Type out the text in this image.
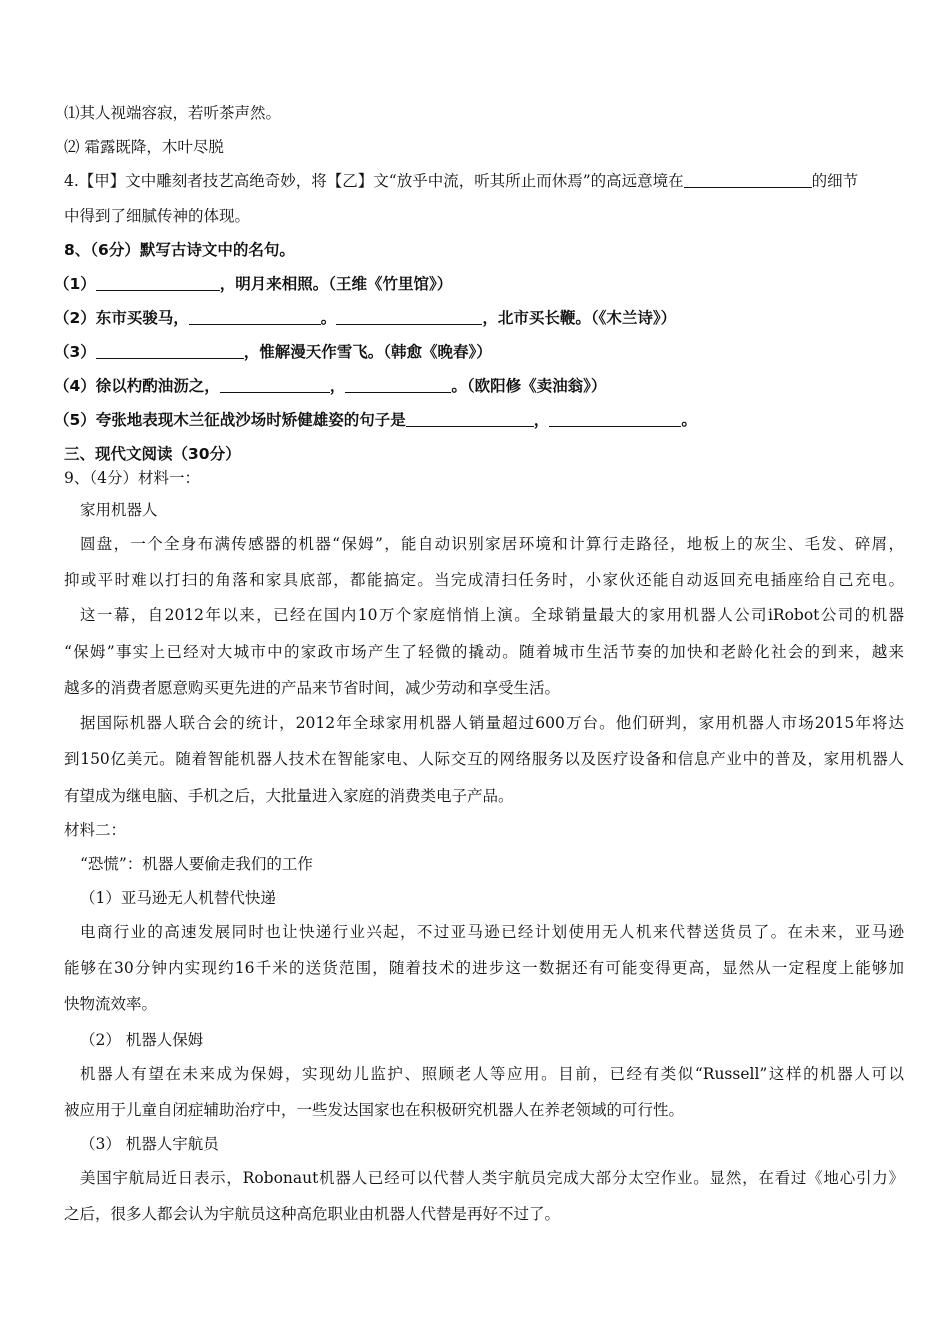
⑴其人视端容寂，若听茶声然。
⑵ 霜露既降，木叶尽脱
4.【甲】文中雕刻者技艺高绝奇妙，将【乙】文“放乎中流，听其所止而休焉”的高远意境在	的细节
中得到了细腻传神的体现。
8、（6分）默写古诗文中的名句。
（1）	，明月来相照。（王维《竹里馆》）
（2）东市买骏马，	。	，北市买长鞭。（《木兰诗》）
（3）	，惟解漫天作雪飞。（韩愈《晚春》）
（4）徐以杓酌油沥之，	，	。（欧阳修《卖油翁》）
（5）夸张地表现木兰征战沙场时矫健雄姿的句子是	，	。
三、现代文阅读（30分）
9、（4分）材料一：
家用机器人
圆盘，一个全身布满传感器的机器“保姆”，能自动识别家居环境和计算行走路径，地板上的灰尘、毛发、碎屑，
抑或平时难以打扫的角落和家具底部，都能搞定。当完成清扫任务时，小家伙还能自动返回充电插座给自己充电。
这一幕，自2012年以来，已经在国内10万个家庭悄悄上演。全球销量最大的家用机器人公司iRobot公司的机器
“保姆”事实上已经对大城市中的家政市场产生了轻微的撬动。随着城市生活节奏的加快和老龄化社会的到来，越来
越多的消费者愿意购买更先进的产品来节省时间，减少劳动和享受生活。
据国际机器人联合会的统计，2012年全球家用机器人销量超过600万台。他们研判，家用机器人市场2015年将达
到150亿美元。随着智能机器人技术在智能家电、人际交互的网络服务以及医疗设备和信息产业中的普及，家用机器人
有望成为继电脑、手机之后，大批量进入家庭的消费类电子产品。
材料二：
“恐慌”：机器人要偷走我们的工作
（1）亚马逊无人机替代快递
电商行业的高速发展同时也让快递行业兴起，不过亚马逊已经计划使用无人机来代替送货员了。在未来，亚马逊
能够在30分钟内实现约16千米的送货范围，随着技术的进步这一数据还有可能变得更高，显然从一定程度上能够加
快物流效率。
（2） 机器人保姆
机器人有望在未来成为保姆，实现幼儿监护、照顾老人等应用。目前，已经有类似“Russell”这样的机器人可以
被应用于儿童自闭症辅助治疗中，一些发达国家也在积极研究机器人在养老领域的可行性。
（3） 机器人宇航员
美国宇航局近日表示，Robonaut机器人已经可以代替人类宇航员完成大部分太空作业。显然，在看过《地心引力》
之后，很多人都会认为宇航员这种高危职业由机器人代替是再好不过了。
